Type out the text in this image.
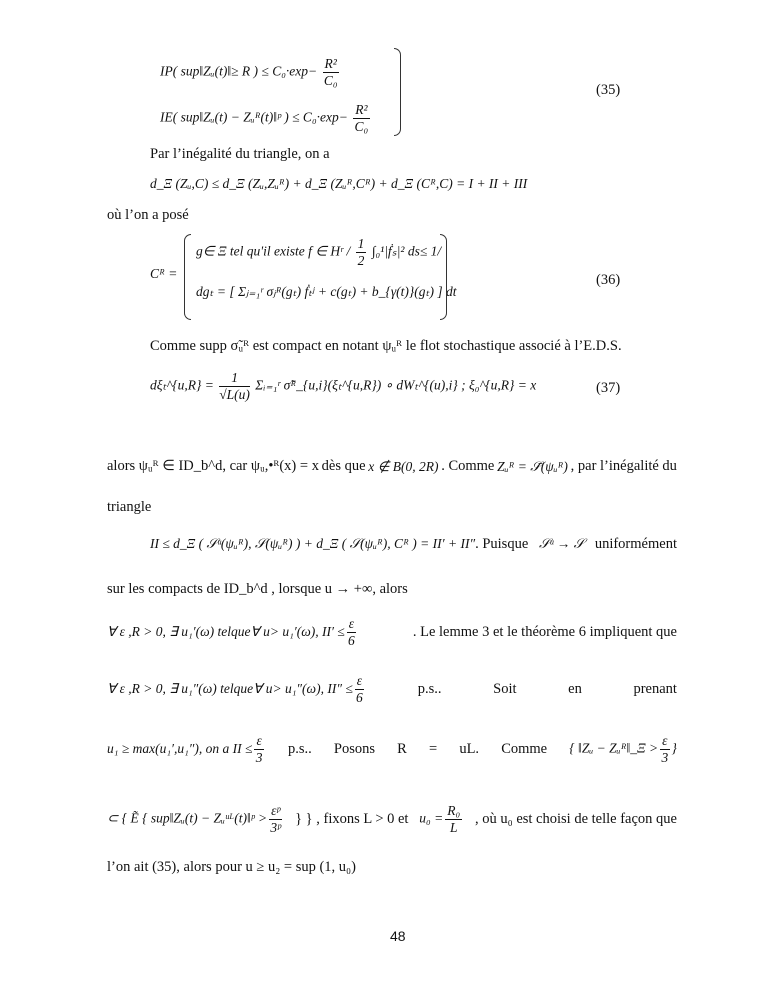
IP( sup‖Zᵤ(t)‖≥ R ) ≤ $C_0\cdot\exp- \frac{\text{R²}}{\text{C₀}}$
IE( sup‖Zᵤ(t) − Zᵤᴿ(t)‖ᵖ ) ≤ $C_0\cdot\exp- \frac{\text{R²}}{\text{C₀}}$
(35)
Par l’inégalité du triangle, on a
d_Ξ (Zᵤ,C) ≤ d_Ξ (Zᵤ,Zᵤᴿ) + d_Ξ (Zᵤᴿ,Cᴿ) + d_Ξ (Cᴿ,C) = I + II + III
où l’on a posé
Cᴿ =
g∈ Ξ tel qu'il existe f ∈ Hʳ / $\frac{1}{2}$ ∫₀¹|ḟₛ|² ds≤ 1/
dgₜ = [ Σⱼ₌₁ʳ σⱼᴿ(gₜ) ḟₜʲ + c(gₜ) + b_{γ(t)}(gₜ) ] dt
(36)
Comme supp σ̃ᵤᴿ est compact en notant ψᵤᴿ le flot stochastique associé à l’E.D.S.
dξₜ^{u,R} = $\frac{1}{√L(u)}$ Σᵢ₌₁ʳ σ̃ᴿ_{u,i}(ξₜ^{u,R}) ∘ dWₜ^{(u),i} ; ξ₀^{u,R} = x	(37)
alors ψᵤᴿ ∈ ID_b^d, car ψᵤ,•ᴿ(x) = x dès que x ∉ B(0, 2R) . Comme Zᵤᴿ = 𝒮̄(ψᵤᴿ) , par l’inégalité du
triangle
II ≤ d_Ξ ( 𝒮ᵘ(ψᵤᴿ), 𝒮(ψᵤᴿ) ) + d_Ξ ( 𝒮(ψᵤᴿ), Cᴿ ) = II′ + II″. Puisque 𝒮ᵘ → 𝒮 uniformément
sur les compacts de ID_b^d , lorsque u → +∞, alors
∀ ε ,R > 0, ∃ u₁′(ω) telque∀ u> u₁′(ω), $II' \le \frac{\varepsilon}{6}$	. Le lemme 3 et le théorème 6 impliquent que
∀ ε ,R > 0, ∃ u₁″(ω) telque∀ u> u₁″(ω), $II'' \le \frac{\varepsilon}{6}$	p.s..	Soit	en	prenant
u₁ ≥ max(u₁′,u₁″), on a II ≤ $\frac{\varepsilon}{3} p.s$.. Posons R = uL. Comme { ‖Zᵤ − Zᵤᴿ‖_Ξ > $\frac{\varepsilon}{3}$ }
⊂ { Ẽ { sup‖Zᵤ(t) − Zᵤᵘᴸ(t)‖ᵖ > $\frac{\text{εᵖ}}{\text{3ᵖ}}$ } } , fixons L > 0 et $u_0 = \frac{\text{R₀}}{L}$ , où u₀ est choisi de telle façon que
l’on ait (35), alors pour u ≥ u₂ = sup (1, u₀)
48
